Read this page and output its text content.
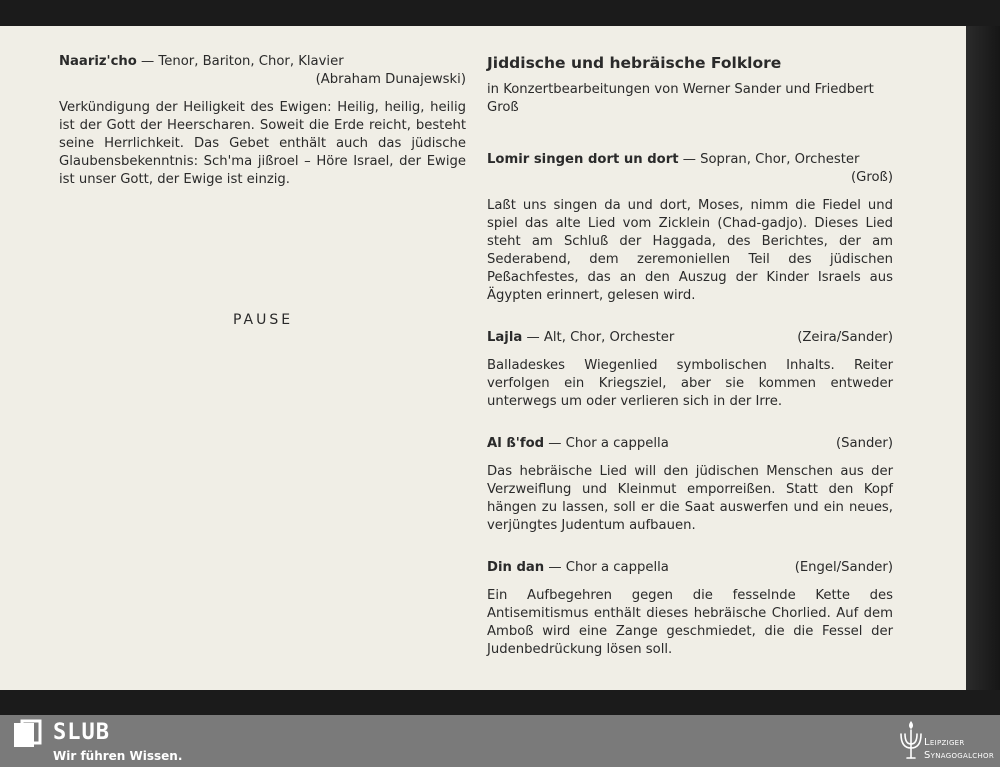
Naariz'cho — Tenor, Bariton, Chor, Klavier
(Abraham Dunajewski)
Verkündigung der Heiligkeit des Ewigen: Heilig, heilig, heilig ist der Gott der Heerscharen. Soweit die Erde reicht, besteht seine Herrlichkeit. Das Gebet enthält auch das jüdische Glaubensbekenntnis: Sch'ma jißroel – Höre Israel, der Ewige ist unser Gott, der Ewige ist einzig.
PAUSE
Jiddische und hebräische Folklore
in Konzertbearbeitungen von Werner Sander und Friedbert Groß
Lomir singen dort un dort — Sopran, Chor, Orchester
(Groß)
Laßt uns singen da und dort, Moses, nimm die Fiedel und spiel das alte Lied vom Zicklein (Chad-gadjo). Dieses Lied steht am Schluß der Haggada, des Berichtes, der am Sederabend, dem zeremoniellen Teil des jüdischen Peßachfestes, das an den Auszug der Kinder Israels aus Ägypten erinnert, gelesen wird.
Lajla — Alt, Chor, Orchester	(Zeira/Sander)
Balladeskes Wiegenlied symbolischen Inhalts. Reiter verfolgen ein Kriegsziel, aber sie kommen entweder unterwegs um oder verlieren sich in der Irre.
Al ß'fod — Chor a cappella	(Sander)
Das hebräische Lied will den jüdischen Menschen aus der Verzweiflung und Kleinmut emporreißen. Statt den Kopf hängen zu lassen, soll er die Saat auswerfen und ein neues, verjüngtes Judentum aufbauen.
Din dan — Chor a cappella	(Engel/Sander)
Ein Aufbegehren gegen die fesselnde Kette des Antisemitismus enthält dieses hebräische Chorlied. Auf dem Amboß wird eine Zange geschmiedet, die die Fessel der Judenbedrückung lösen soll.
SLUB
Wir führen Wissen.
Leipziger
Synagogalchor
